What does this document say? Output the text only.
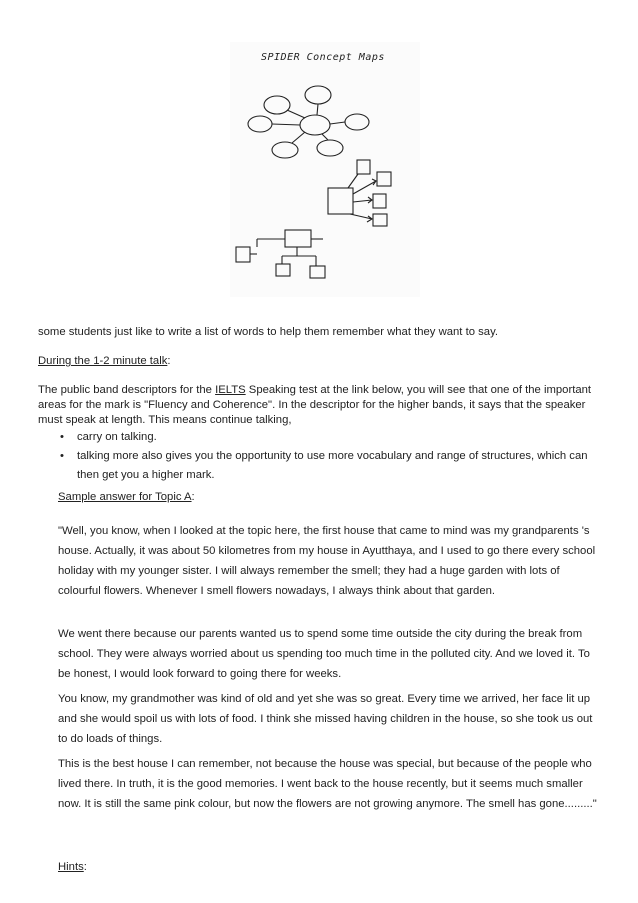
SPIDER Concept Maps
some students just like to write a list of words to help them remember what they want to say.
During the 1-2 minute talk:
The public band descriptors for the IELTS Speaking test at the link below, you will see that one of the important areas for the mark is "Fluency and Coherence". In the descriptor for the higher bands, it says that the speaker must speak at length. This means continue talking,
• carry on talking.
• talking more also gives you the opportunity to use more vocabulary and range of structures, which can then get you a higher mark.
Sample answer for Topic A:
"Well, you know, when I looked at the topic here, the first house that came to mind was my grandparents 's house. Actually, it was about 50 kilometres from my house in Ayutthaya, and I used to go there every school holiday with my younger sister. I will always remember the smell; they had a huge garden with lots of colourful flowers. Whenever I smell flowers nowadays, I always think about that garden.
We went there because our parents wanted us to spend some time outside the city during the break from school. They were always worried about us spending too much time in the polluted city. And we loved it. To be honest, I would look forward to going there for weeks.
You know, my grandmother was kind of old and yet she was so great. Every time we arrived, her face lit up and she would spoil us with lots of food. I think she missed having children in the house, so she took us out to do loads of things.
This is the best house I can remember, not because the house was special, but because of the people who lived there. In truth, it is the good memories. I went back to the house recently, but it seems much smaller now. It is still the same pink colour, but now the flowers are not growing anymore. The smell has gone........."
Hints:
